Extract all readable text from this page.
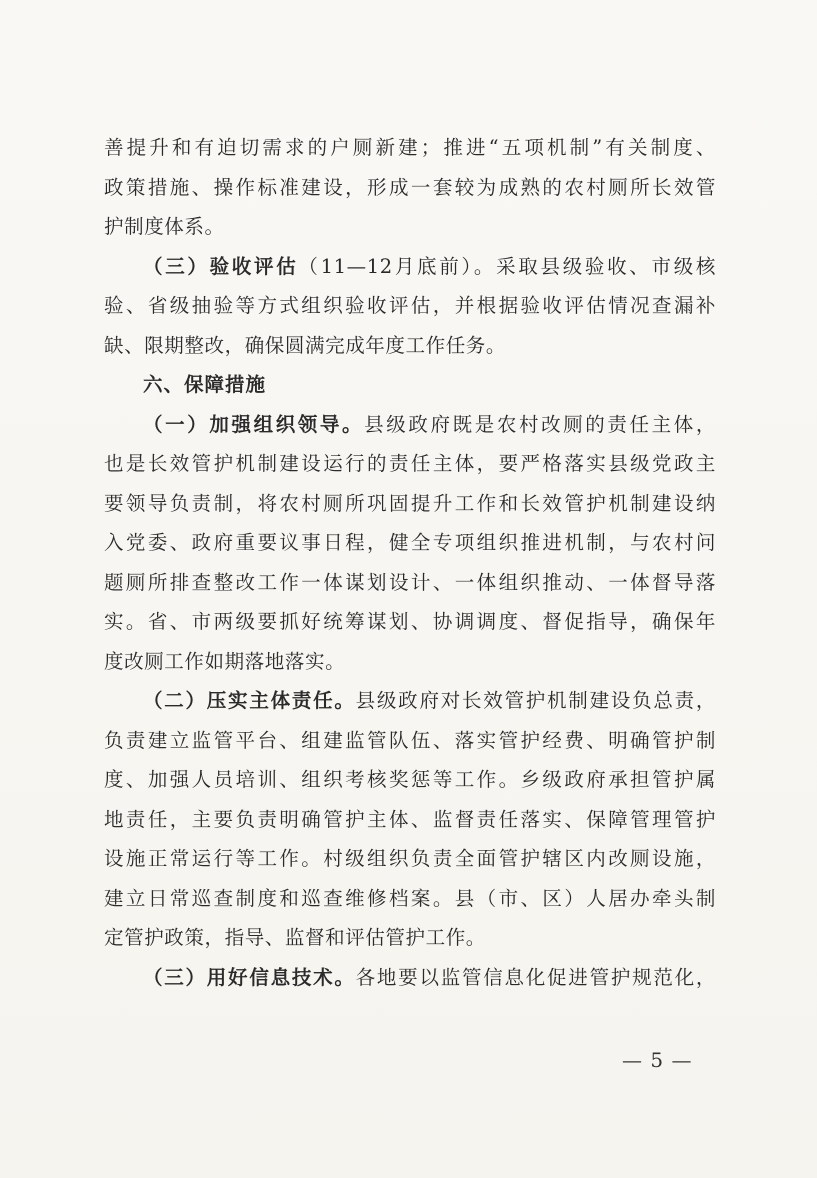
善提升和有迫切需求的户厕新建；推进“五项机制”有关制度、
政策措施、操作标准建设，形成一套较为成熟的农村厕所长效管
护制度体系。
（三）验收评估（11—12月底前）。采取县级验收、市级核
验、省级抽验等方式组织验收评估，并根据验收评估情况查漏补
缺、限期整改，确保圆满完成年度工作任务。
六、保障措施
（一）加强组织领导。县级政府既是农村改厕的责任主体，
也是长效管护机制建设运行的责任主体，要严格落实县级党政主
要领导负责制，将农村厕所巩固提升工作和长效管护机制建设纳
入党委、政府重要议事日程，健全专项组织推进机制，与农村问
题厕所排查整改工作一体谋划设计、一体组织推动、一体督导落
实。省、市两级要抓好统筹谋划、协调调度、督促指导，确保年
度改厕工作如期落地落实。
（二）压实主体责任。县级政府对长效管护机制建设负总责，
负责建立监管平台、组建监管队伍、落实管护经费、明确管护制
度、加强人员培训、组织考核奖惩等工作。乡级政府承担管护属
地责任，主要负责明确管护主体、监督责任落实、保障管理管护
设施正常运行等工作。村级组织负责全面管护辖区内改厕设施，
建立日常巡查制度和巡查维修档案。县（市、区）人居办牵头制
定管护政策，指导、监督和评估管护工作。
（三）用好信息技术。各地要以监管信息化促进管护规范化，
— 5 —
